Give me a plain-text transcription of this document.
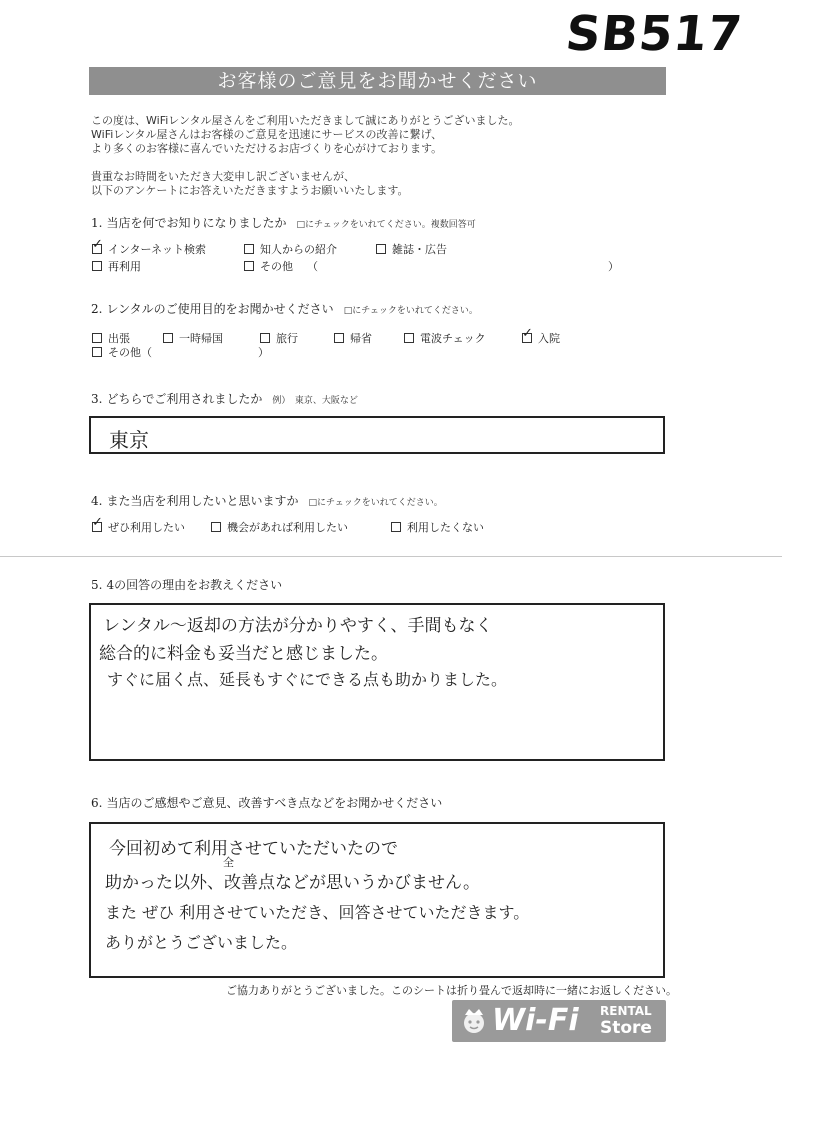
SB517
お客様のご意見をお聞かせください
この度は、WiFiレンタル屋さんをご利用いただきまして誠にありがとうございました。
WiFiレンタル屋さんはお客様のご意見を迅速にサービスの改善に繋げ、
より多くのお客様に喜んでいただけるお店づくりを心がけております。
貴重なお時間をいただき大変申し訳ございませんが、
以下のアンケートにお答えいただきますようお願いいたします。
1. 当店を何でお知りになりましたか □にチェックをいれてください。複数回答可
✓インターネット検索	知人からの紹介	雑誌・広告
再利用	その他 （	）
2. レンタルのご使用目的をお聞かせください □にチェックをいれてください。
出張	一時帰国	旅行	帰省	電波チェック
✓	入院
その他（	）
3. どちらでご利用されましたか 例）　東京、大阪など
東京
4. また当店を利用したいと思いますか □にチェックをいれてください。
✓ぜひ利用したい	機会があれば利用したい	利用したくない
5. 4の回答の理由をお教えください
レンタル～返却の方法が分かりやすく、手間もなく
総合的に料金も妥当だと感じました。
すぐに届く点、延長もすぐにできる点も助かりました。
6. 当店のご感想やご意見、改善すべき点などをお聞かせください
今回初めて利用させていただいたので
全
助かった以外、改善点などが思いうかびません。
また ぜひ 利用させていただき、回答させていただきます。
ありがとうございました。
ご協力ありがとうございました。このシートは折り畳んで返却時に一緒にお返しください。
Wi-Fi RENTAL
Store
